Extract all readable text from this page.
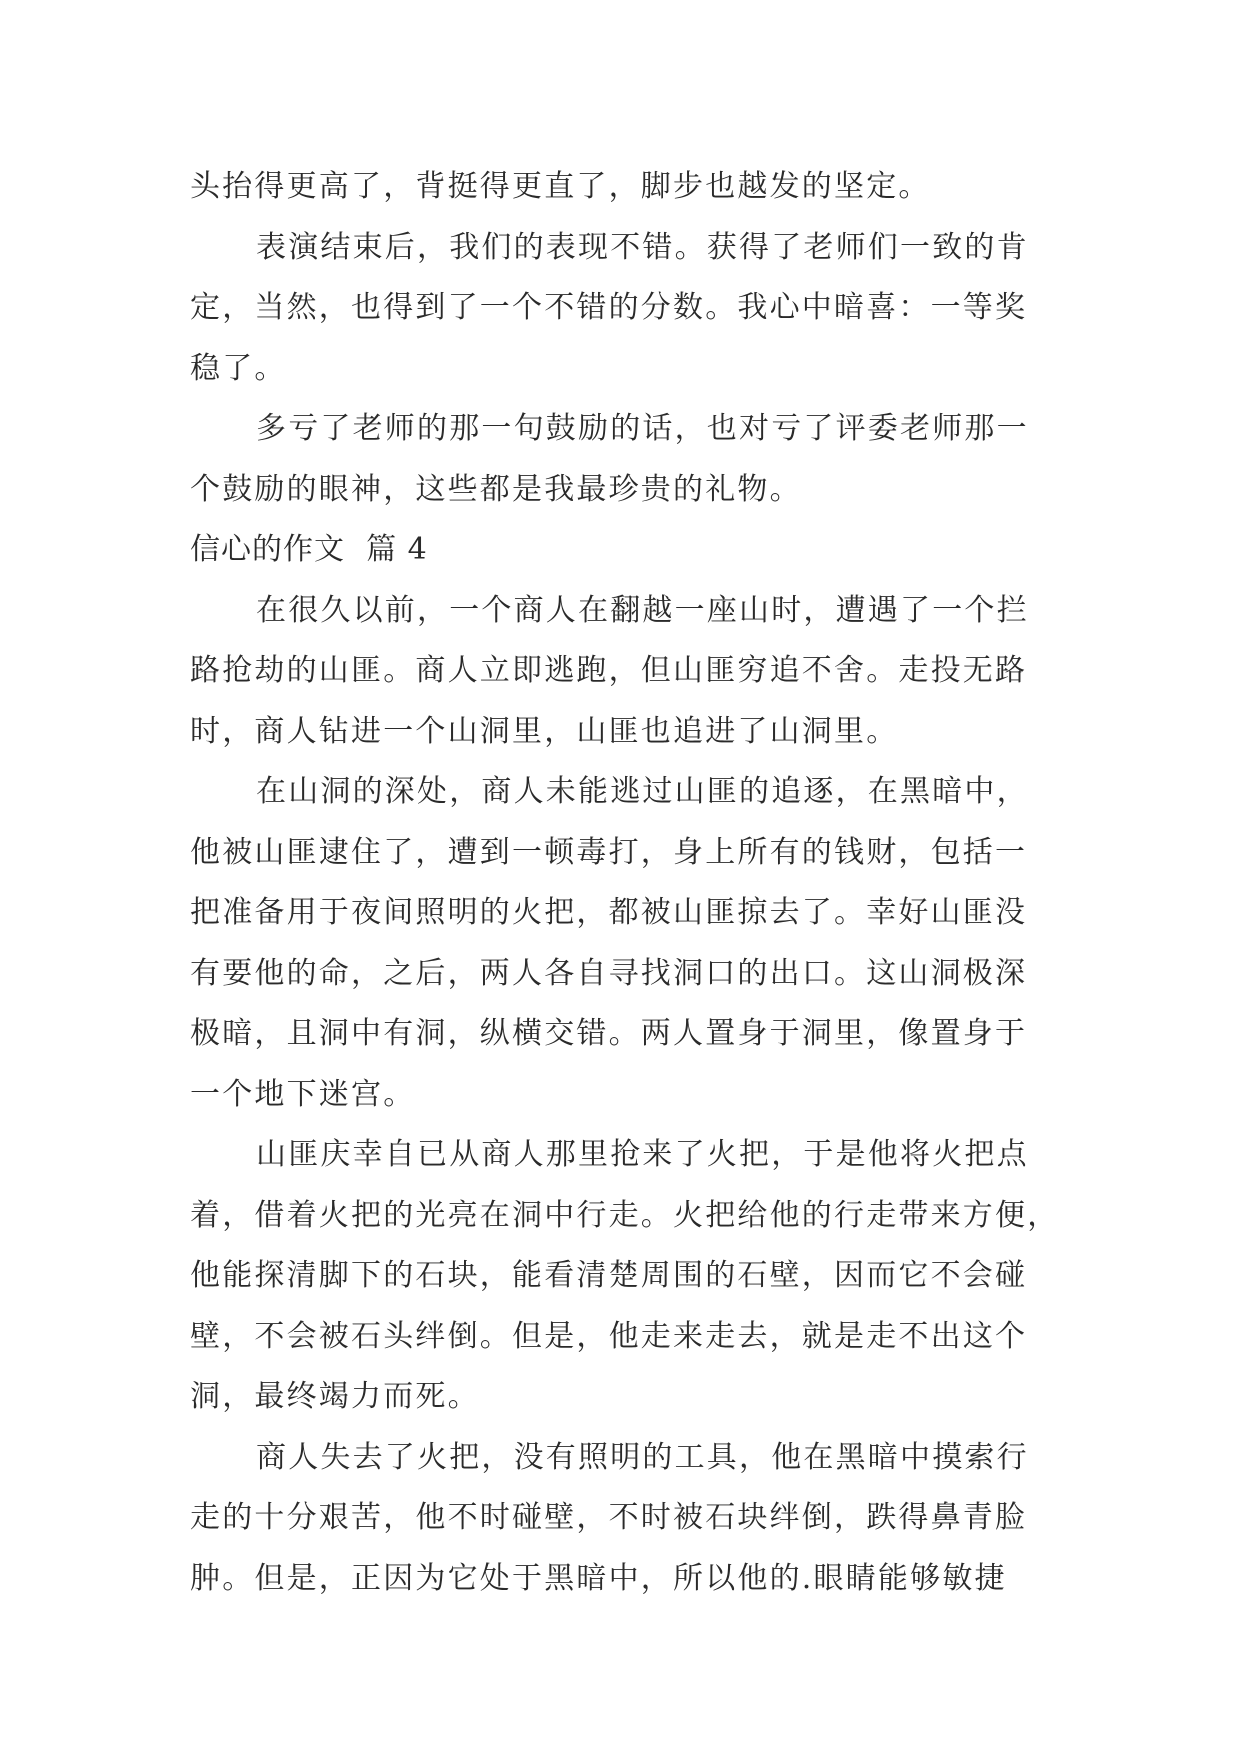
头抬得更高了，背挺得更直了，脚步也越发的坚定。
表演结束后，我们的表现不错。获得了老师们一致的肯
定，当然，也得到了一个不错的分数。我心中暗喜：一等奖
稳了。
多亏了老师的那一句鼓励的话，也对亏了评委老师那一
个鼓励的眼神，这些都是我最珍贵的礼物。
信心的作文  篇 4
在很久以前，一个商人在翻越一座山时，遭遇了一个拦
路抢劫的山匪。商人立即逃跑，但山匪穷追不舍。走投无路
时，商人钻进一个山洞里，山匪也追进了山洞里。
在山洞的深处，商人未能逃过山匪的追逐，在黑暗中，
他被山匪逮住了，遭到一顿毒打，身上所有的钱财，包括一
把准备用于夜间照明的火把，都被山匪掠去了。幸好山匪没
有要他的命，之后，两人各自寻找洞口的出口。这山洞极深
极暗，且洞中有洞，纵横交错。两人置身于洞里，像置身于
一个地下迷宫。
山匪庆幸自已从商人那里抢来了火把，于是他将火把点
着，借着火把的光亮在洞中行走。火把给他的行走带来方便，
他能探清脚下的石块，能看清楚周围的石壁，因而它不会碰
壁，不会被石头绊倒。但是，他走来走去，就是走不出这个
洞，最终竭力而死。
商人失去了火把，没有照明的工具，他在黑暗中摸索行
走的十分艰苦，他不时碰壁，不时被石块绊倒，跌得鼻青脸
肿。但是，正因为它处于黑暗中，所以他的.眼睛能够敏捷
